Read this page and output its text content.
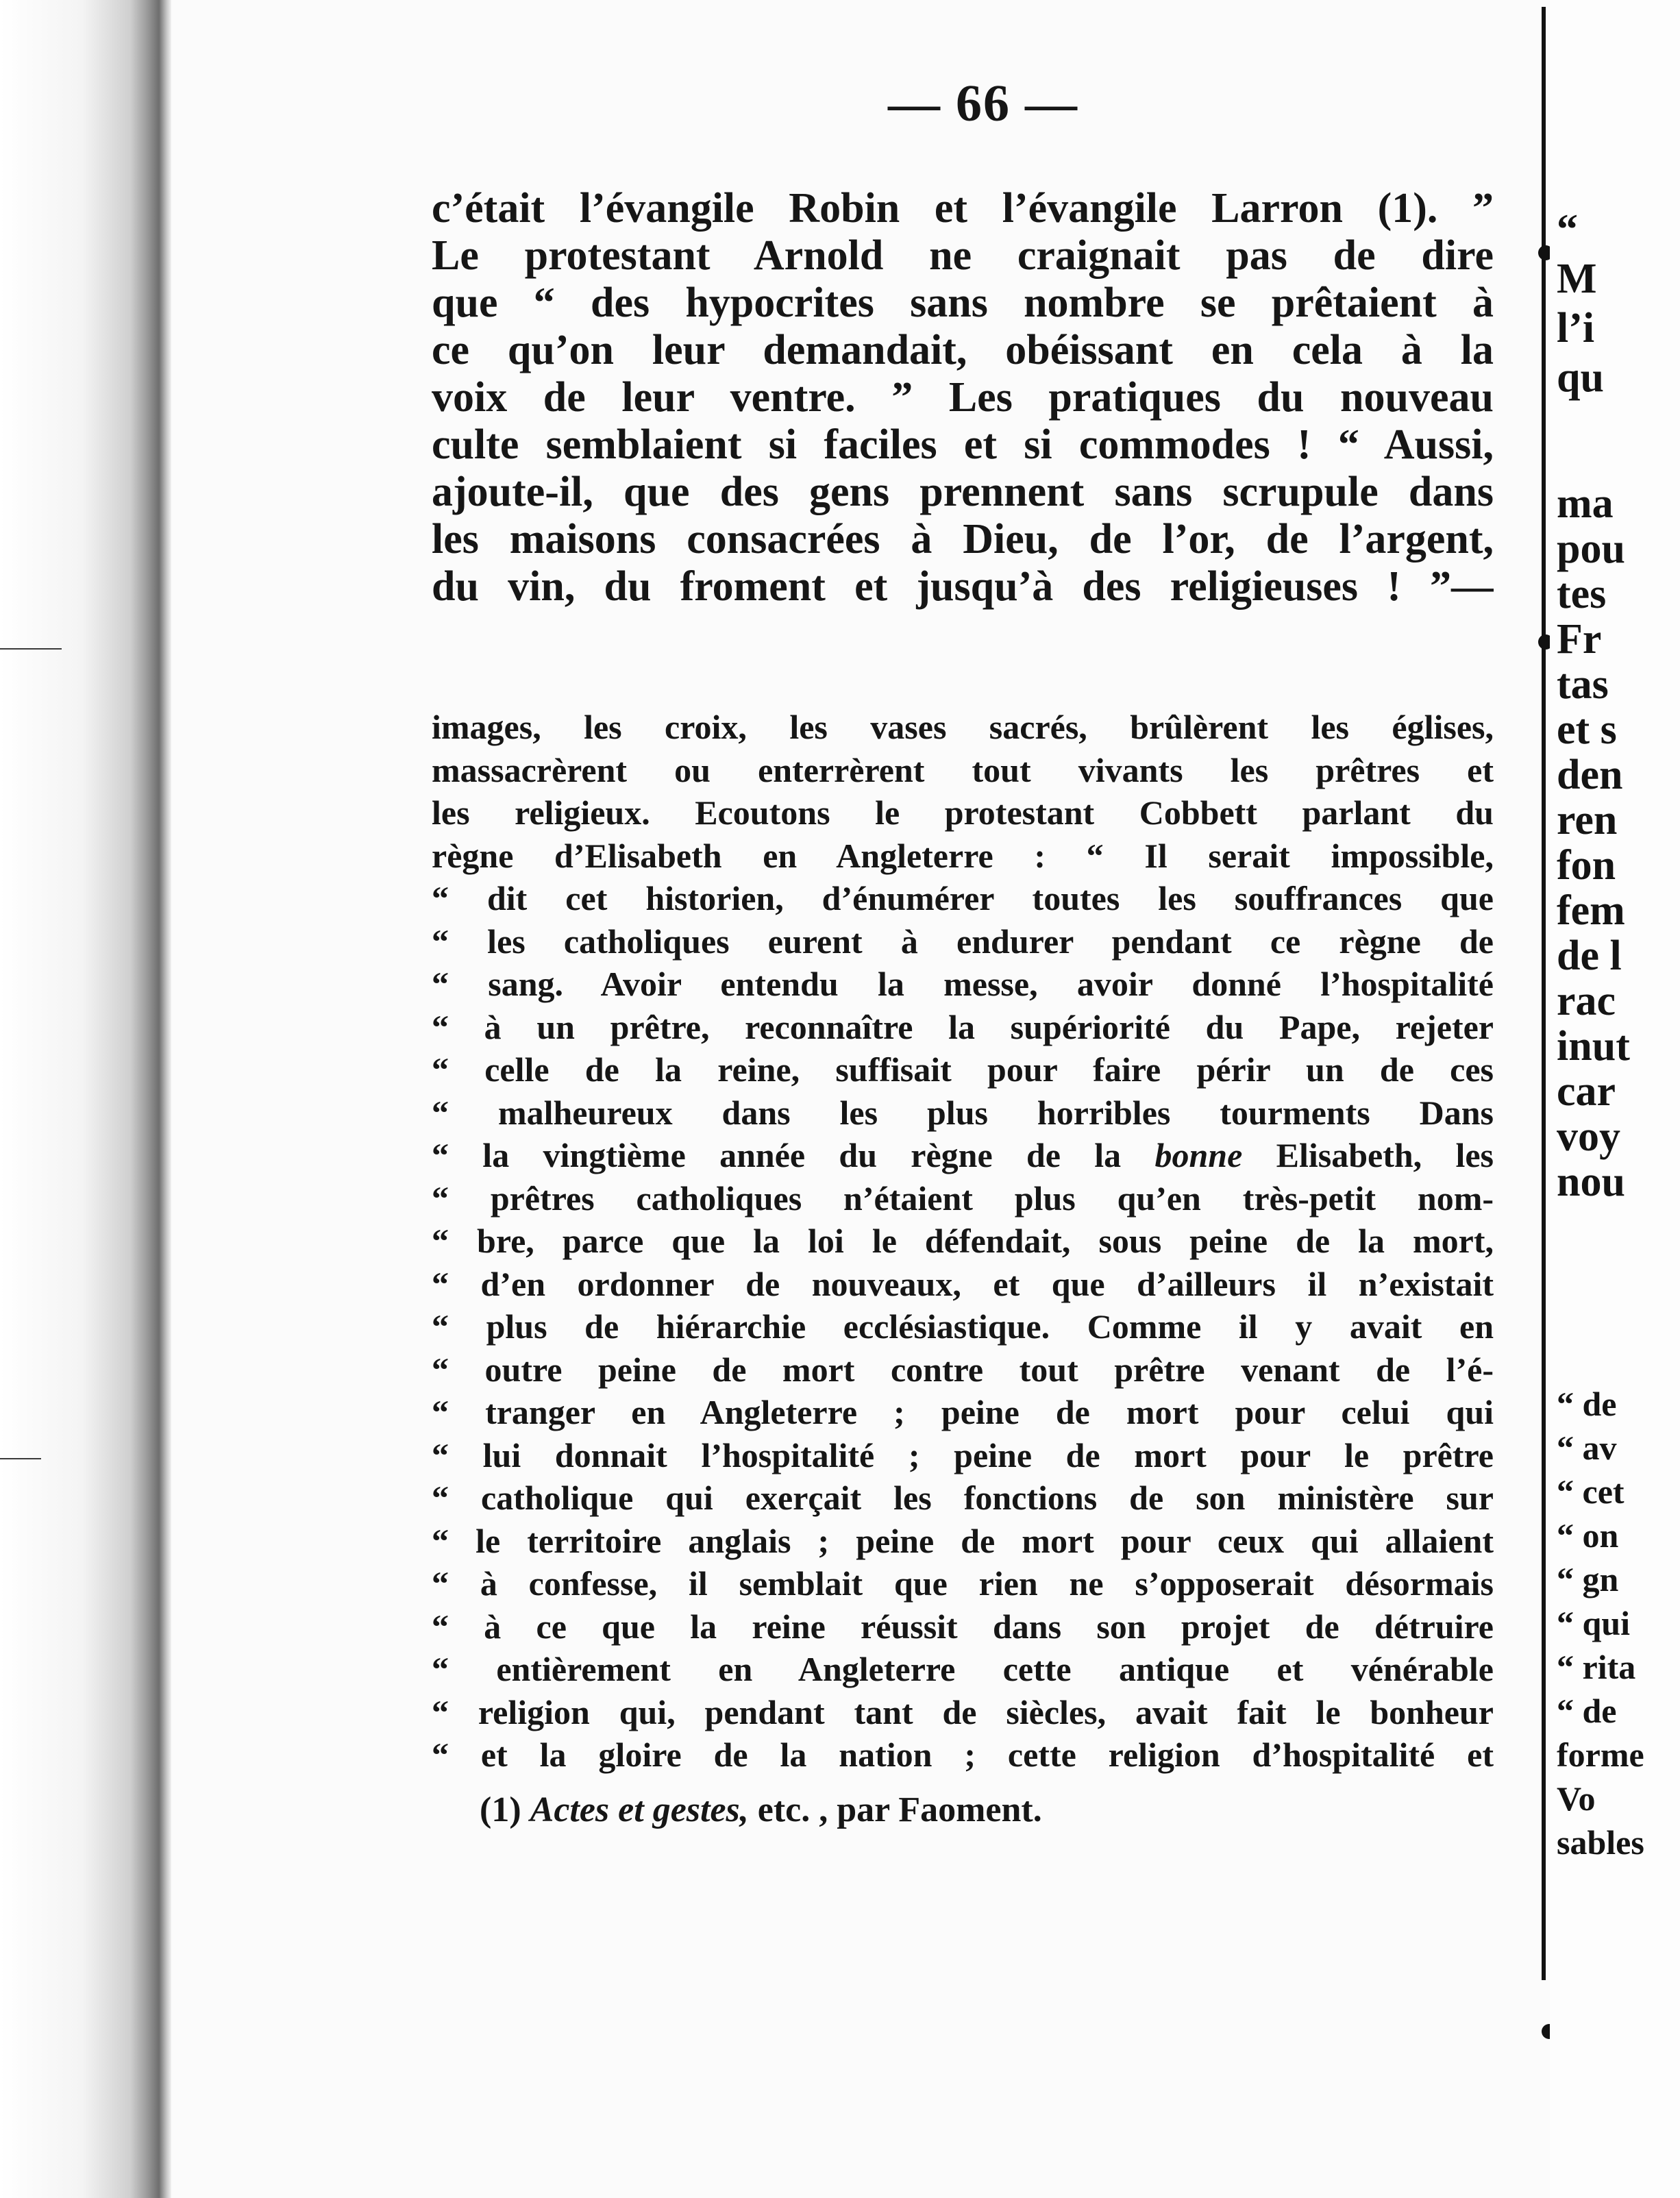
— 66 —
c’était l’évangile Robin et l’évangile Larron (1). ”
Le protestant Arnold ne craignait pas de dire
que “ des hypocrites sans nombre se prêtaient à
ce qu’on leur demandait, obéissant en cela à la
voix de leur ventre. ” Les pratiques du nouveau
culte semblaient si faciles et si commodes ! “ Aussi,
ajoute-il, que des gens prennent sans scrupule dans
les maisons consacrées à Dieu, de l’or, de l’argent,
du vin, du froment et jusqu’à des religieuses ! ”—
images, les croix, les vases sacrés, brûlèrent les églises,
massacrèrent ou enterrèrent tout vivants les prêtres et
les religieux. Ecoutons le protestant Cobbett parlant du
règne d’Elisabeth en Angleterre : “ Il serait impossible,
“ dit cet historien, d’énumérer toutes les souffrances que
“ les catholiques eurent à endurer pendant ce règne de
“ sang. Avoir entendu la messe, avoir donné l’hospitalité
“ à un prêtre, reconnaître la supériorité du Pape, rejeter
“ celle de la reine, suffisait pour faire périr un de ces
“ malheureux dans les plus horribles tourments Dans
“ la vingtième année du règne de la bonne Elisabeth, les
“ prêtres catholiques n’étaient plus qu’en très-petit nom-
“ bre, parce que la loi le défendait, sous peine de la mort,
“ d’en ordonner de nouveaux, et que d’ailleurs il n’existait
“ plus de hiérarchie ecclésiastique. Comme il y avait en
“ outre peine de mort contre tout prêtre venant de l’é-
“ tranger en Angleterre ; peine de mort pour celui qui
“ lui donnait l’hospitalité ; peine de mort pour le prêtre
“ catholique qui exerçait les fonctions de son ministère sur
“ le territoire anglais ; peine de mort pour ceux qui allaient
“ à confesse, il semblait que rien ne s’opposerait désormais
“ à ce que la reine réussit dans son projet de détruire
“ entièrement en Angleterre cette antique et vénérable
“ religion qui, pendant tant de siècles, avait fait le bonheur
“ et la gloire de la nation ; cette religion d’hospitalité et
(1) Actes et gestes, etc. , par Faoment.
“
M
l’i
qu
ma
pou
tes
Fr
tas
et s
den
ren
fon
fem
de l
rac
inut
car
voy
nou
“ de
“ av
“ cet
“ on
“ gn
“ qui
“ rita
“ de
forme
Vo
sables
